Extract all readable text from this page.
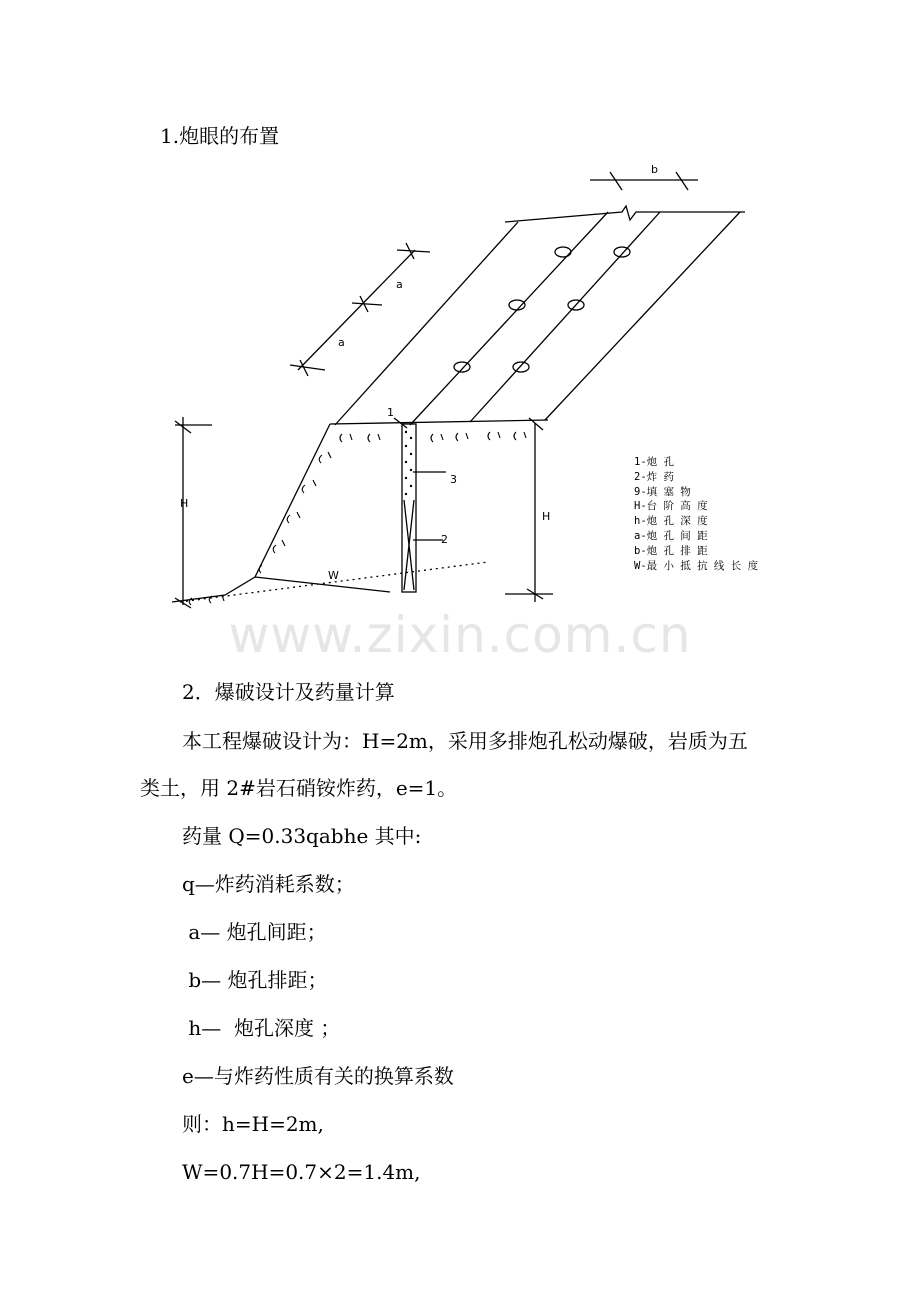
1.炮眼的布置
b
a
a
1
3
2
H
H
W
1-炮 孔
2-炸 药
9-填 塞 物
H-台 阶 高 度
h-炮 孔 深 度
a-炮 孔 间 距
b-炮 孔 排 距
W-最 小 抵 抗 线 长 度
www.zixin.com.cn
2．爆破设计及药量计算
本工程爆破设计为：H=2m，采用多排炮孔松动爆破，岩质为五
类土，用 2#岩石硝铵炸药，e=1。
药量 Q=0.33qabhe 其中:
q—炸药消耗系数；
a— 炮孔间距；
b— 炮孔排距；
h—  炮孔深度 ；
e—与炸药性质有关的换算系数
则：h=H=2m,
W=0.7H=0.7×2=1.4m,
